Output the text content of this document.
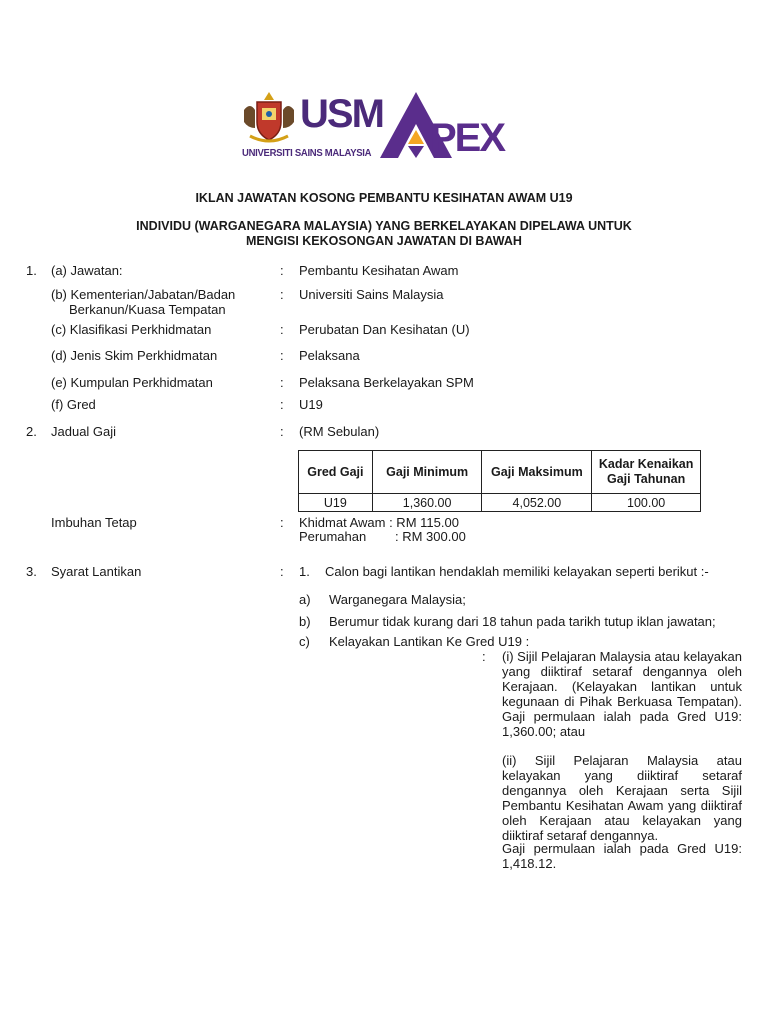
USM
UNIVERSITI SAINS MALAYSIA PEX
IKLAN JAWATAN KOSONG PEMBANTU KESIHATAN AWAM U19
INDIVIDU (WARGANEGARA MALAYSIA) YANG BERKELAYAKAN DIPELAWA UNTUK
MENGISI KEKOSONGAN JAWATAN DI BAWAH
1. (a) Jawatan:	: Pembantu Kesihatan Awam
(b) Kementerian/Jabatan/Badan
Berkanun/Kuasa Tempatan
: Universiti Sains Malaysia
(c) Klasifikasi Perkhidmatan	: Perubatan Dan Kesihatan (U)
(d) Jenis Skim Perkhidmatan	: Pelaksana
(e) Kumpulan Perkhidmatan	: Pelaksana Berkelayakan SPM
(f) Gred	: U19
2. Jadual Gaji	: (RM Sebulan)
Gred Gaji	Gaji Minimum	Gaji Maksimum	Kadar Kenaikan Gaji Tahunan
U19	1,360.00	4,052.00	100.00
Imbuhan Tetap	: Khidmat Awam : RM 115.00
Perumahan : RM 300.00
3. Syarat Lantikan	: 1. Calon bagi lantikan hendaklah memiliki kelayakan seperti berikut :-
a) Warganegara Malaysia;
b) Berumur tidak kurang dari 18 tahun pada tarikh tutup iklan jawatan;
c) Kelayakan Lantikan Ke Gred U19 :
: (i) Sijil Pelajaran Malaysia atau kelayakan yang diiktiraf setaraf dengannya oleh Kerajaan. (Kelayakan lantikan untuk kegunaan di Pihak Berkuasa Tempatan). Gaji permulaan ialah pada Gred U19: 1,360.00; atau
(ii) Sijil Pelajaran Malaysia atau kelayakan yang diiktiraf setaraf dengannya oleh Kerajaan serta Sijil Pembantu Kesihatan Awam yang diiktiraf oleh Kerajaan atau kelayakan yang diiktiraf setaraf dengannya.
Gaji permulaan ialah pada Gred U19: 1,418.12.
